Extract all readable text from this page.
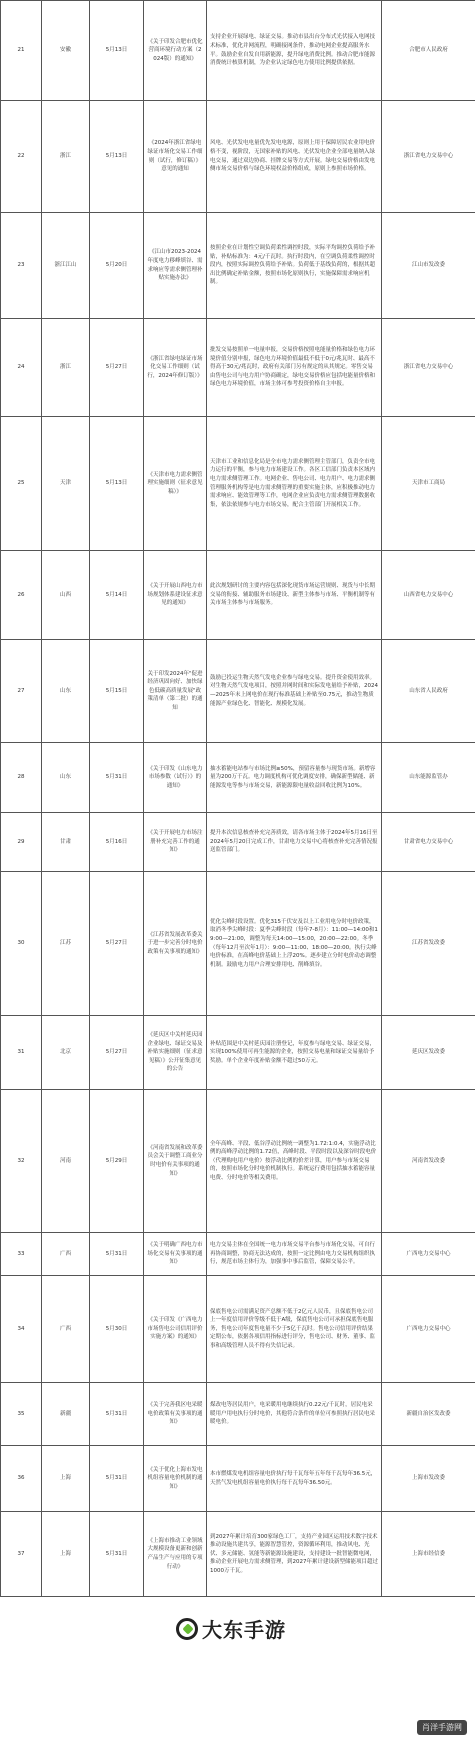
21	安徽	5月13日	《关于印发合肥市优化营商环境行动方案（2024版）的通知》	支持企业开展绿电、绿证交易。推动市县出台分布式光伏接入电网技术标准，优化并网流程，明确接网条件，推动电网企业提高服务水平。鼓励企业自发自用新能源，提升绿电消费比例。推动合肥市能源消费统计核算机制，为企业认定绿色电力使用比例提供依据。	合肥市人民政府
22	浙江	5月13日	《2024年浙江省绿电绿证市场化交易工作细则（试行，修订稿）》意见的通知	风电、光伏发电电量优先发电电源，原则上用于保障居民农业用电价格不变，视阶段，无国家补贴的风电、光伏发电企业全部电量纳入绿电交易，通过双边协商、挂牌交易等方式开展。绿电交易价格由发电侧市场交易价格与绿色环境权益价格组成，原则上参照市场价格。	浙江省电力交易中心
23	浙江江山	5月20日	《江山市2023-2024年度电力移峰填谷、需求响应等需求侧管理补贴实施办法》	按照企业在计划性空调负荷柔性调控时段，实际平均调控负荷给予补贴，补贴标准为：4元/千瓦时。执行时段内，在空调负荷柔性调控时段内，按照实际调控负荷给予补贴。负荷低于基线负荷的，根据其超出比例确定补贴金额，按照市场化原则执行，实施保障需求响应机制。	江山市发改委
24	浙江	5月27日	《浙江省绿电绿证市场化交易工作细则（试行，2024年修订版）》	批发交易按照单一电量申报，交易价格按照电能量价格和绿色电力环境价值分别申报，绿色电力环境价值最低不低于0元/兆瓦时、最高不得高于30元/兆瓦时，政府有关部门另有规定的从其规定。零售交易由售电公司与电力用户协商确定，绿电交易价格应包括电能量价格和绿色电力环境价值，市场主体可参考投资价格自主申报。	浙江省电力交易中心
25	天津	5月13日	《天津市电力需求侧管理实施细则（征求意见稿）》	天津市工业和信息化局是全市电力需求侧管理主管部门，负责全市电力运行的平衡，参与电力市场建设工作。各区工信部门负责本区域内电力需求侧管理工作。电网企业、售电公司、电力用户、电力需求侧管理服务机构等是电力需求侧管理的重要实施主体，应积极推动电力需求响应、能效管理等工作，电网企业应负责电力需求侧管理数据收集，依法依规参与电力市场交易，配合主管部门开展相关工作。	天津市工商局
26	山西	5月14日	《关于开展山西电力市场规划体系建设征求意见的通知》	此次规划研讨的主要内容包括深化现货市场运营规则、现货与中长期交易的衔接、辅助服务市场建设、新型主体参与市场、平衡机制等有关市场主体参与市场服务。	山西省电力交易中心
27	山东	5月15日	关于印发2024年"促进经济巩固向好、加快绿色低碳高质量发展"政策清单（第二批）的通知	鼓励已投运生物天然气发电企业参与绿电交易。提升资金使用效率。对生物天然气发电项目，按照并网时间和实际发电量给予补贴，2024—2025年末上网电价在现行标准基础上补贴至0.75元，推动生物质能源产业绿色化、智能化、规模化发展。	山东省人民政府
28	山东	5月31日	《关于印发《山东电力市场参数（试行）》的通知》	抽水蓄能电站参与市场比例≥50%，预留容量参与现货市场。新增容量为200万千瓦。电力调度机构可优化调度安排，确保新型储能、新能源发电等参与市场交易，新能源限电量收益回收比例为10%。	山东能源监管办
29	甘肃	5月16日	《关于开展电力市场注册补充完善工作的通知》	提升本次信息核查补充完善质效，请各市场主体于2024年5月16日至2024年5月20日完成工作，甘肃电力交易中心将核查补充完善情况报送监管部门。	甘肃省电力交易中心
30	江苏	5月27日	《江苏省发展改革委关于进一步完善分时电价政策有关事项的通知》	优化尖峰时段设置。优化315千伏安及以上工业用电分时电价政策，取消冬季尖峰时段：夏季尖峰时段（每年7-8月）：11:00—14:00和19:00—21:00，调整为每天14:00—15:00，20:00—22:00。冬季（每年12月至次年1月）：9:00—11:00、18:00—20:00。执行尖峰电价标准，在高峰电价基础上上浮20%。逐步建立分时电价动态调整机制。鼓励电力用户合理安排用电、削峰填谷。	江苏省发改委
31	北京	5月27日	《延庆区中关村延庆园企业绿电、绿证交易及补贴实施细则（征求意见稿）》公开征集意见的公告	补贴范围是中关村延庆园注册登记，年度参与绿电交易、绿证交易，实现100%使用可再生能源的企业，按照交易电量和绿证交易量给予奖励。单个企业年度补贴金额不超过50万元。	延庆区发改委
32	河南	5月29日	《河南省发展和改革委员会关于调整工商业分时电价有关事项的通知》	全年高峰、平段、低谷浮动比例统一调整为1.72:1:0.4，实施浮动比例的高峰浮动比例的1.72倍，高峰时段、平段时段以及深谷时段电价（代理购电用户电价）按浮动比例的价差计算，用户参与市场交易的，按照市场化分时电价机制执行。系统运行费用包括抽水蓄能容量电费、分时电价等相关费用。	河南省发改委
33	广西	5月31日	《关于明确广西电力市场化交易有关事项的通知》	电力交易主体在全国统一电力市场交易平台参与市场化交易，可自行再协商调整，协商无法达成的，按照一定比例由电力交易机构组织执行，规范市场主体行为，加强事中事后监管，保障交易公平。	广西电力交易中心
34	广西	5月30日	《关于印发《广西电力市场售电公司信用评价实施方案》的通知》	保底售电公司需满足资产总额不低于2亿元人民币，且保底售电公司上一年度信用评价等级不低于A级，保底售电公司可承担保底售电服务，售电公司年度售电量不少于5亿千瓦时。售电公司信用评价结果定期公布，依据各项信用指标进行评分，售电公司、财务、董事、监事和高级管理人员不得有失信记录。	广西电力交易中心
35	新疆	5月31日	《关于完善我区电采暖电价政策有关事项的通知》	煤改电等居民用户，电采暖用电继续执行0.22元/千瓦时，居民电采暖用户用电执行分时电价，其他符合条件的单位可参照执行居民电采暖电价。	新疆自治区发改委
36	上海	5月31日	《关于优化上海市发电机组容量电价机制的通知》	本市燃煤发电机组容量电价执行每千瓦每年五年每千瓦每年36.5元，天然气发电机组容量电价执行每千瓦每年36.50元。	上海市发改委
37	上海	5月31日	《上海市推动工业领域大规模设备更新和创新产品生产与应用的专项行动》	到2027年累计培育300家绿色工厂，支持产业园区运用技术数字技术推动设施共建共享，能源智慧管控，资源循环利用，推动风电、光伏、多元储能、氢能等新能源设施建设，支持建设一批智能微电网，推动企业开展电力需求侧管理，到2027年累计建设新型储能项目超过1000万千瓦。	上海市经信委
大东手游
肖洋手游网
